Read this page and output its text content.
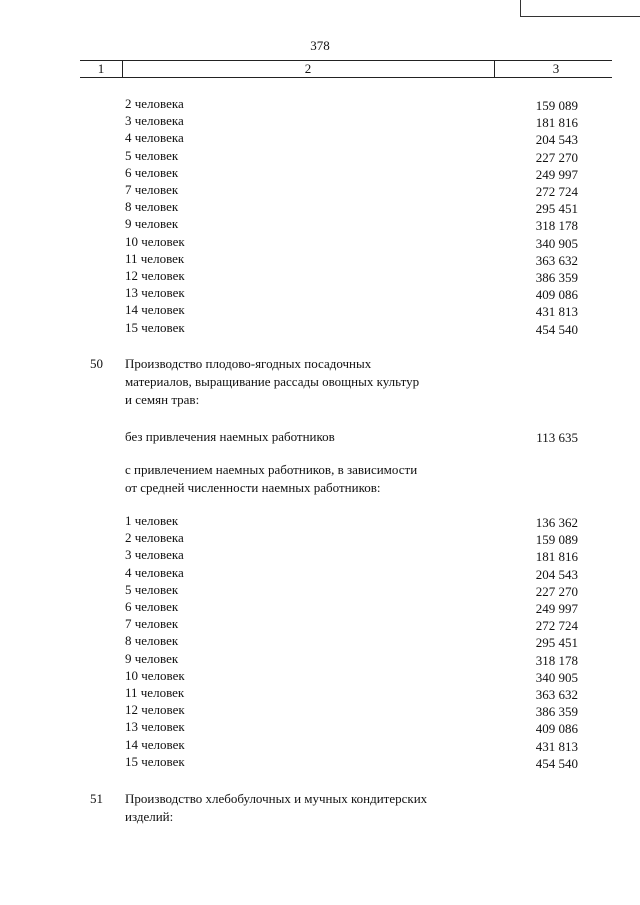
378
1	2	3
2 человека	159 089
3 человека	181 816
4 человека	204 543
5 человек	227 270
6 человек	249 997
7 человек	272 724
8 человек	295 451
9 человек	318 178
10 человек	340 905
11 человек	363 632
12 человек	386 359
13 человек	409 086
14 человек	431 813
15 человек	454 540
50 Производство плодово-ягодных посадочных
материалов, выращивание рассады овощных культур
и семян трав:
без привлечения наемных работников	113 635
с привлечением наемных работников, в зависимости
от средней численности наемных работников:
1 человек	136 362
2 человека	159 089
3 человека	181 816
4 человека	204 543
5 человек	227 270
6 человек	249 997
7 человек	272 724
8 человек	295 451
9 человек	318 178
10 человек	340 905
11 человек	363 632
12 человек	386 359
13 человек	409 086
14 человек	431 813
15 человек	454 540
51 Производство хлебобулочных и мучных кондитерских
изделий:
